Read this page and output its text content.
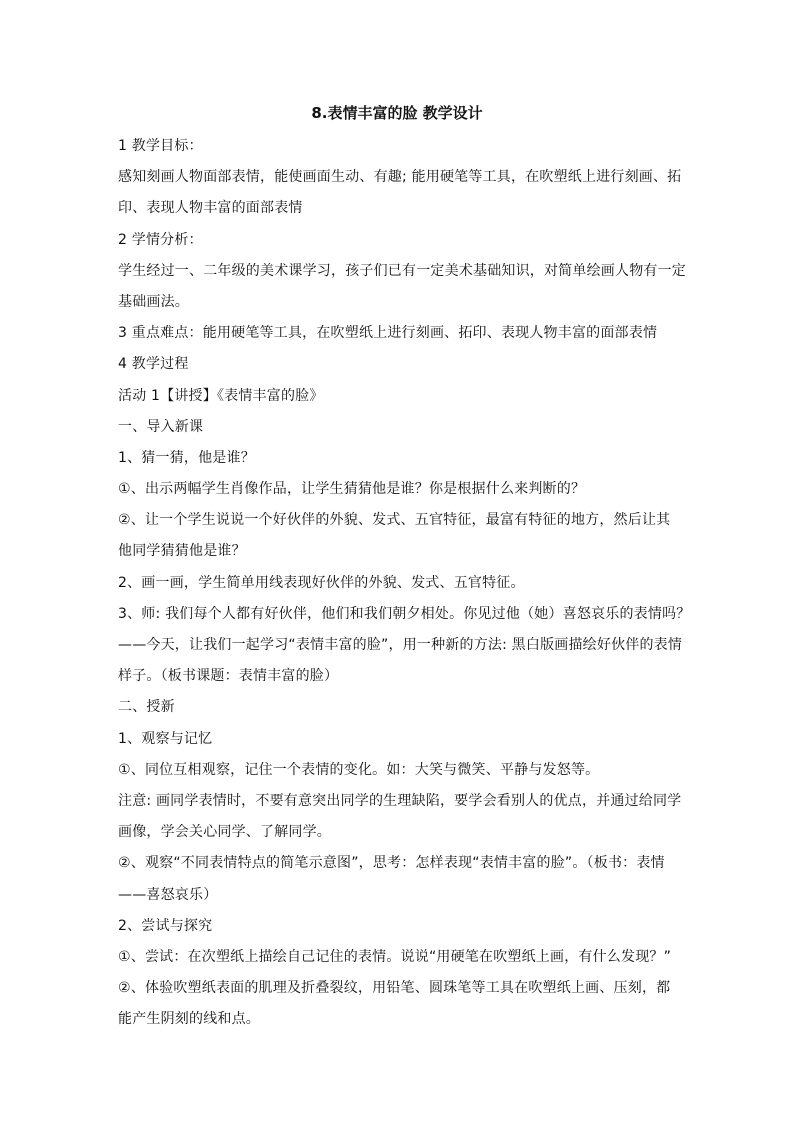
8.表情丰富的脸 教学设计
1 教学目标：
感知刻画人物面部表情，能使画面生动、有趣; 能用硬笔等工具，在吹塑纸上进行刻画、拓
印、表现人物丰富的面部表情
2 学情分析：
学生经过一、二年级的美术课学习，孩子们已有一定美术基础知识，对简单绘画人物有一定
基础画法。
3 重点难点：能用硬笔等工具，在吹塑纸上进行刻画、拓印、表现人物丰富的面部表情
4 教学过程
活动 1【讲授】《表情丰富的脸》
一、导入新课
1、猜一猜，他是谁？
①、出示两幅学生肖像作品，让学生猜猜他是谁？你是根据什么来判断的？
②、让一个学生说说一个好伙伴的外貌、发式、五官特征，最富有特征的地方，然后让其
他同学猜猜他是谁？
2、画一画，学生简单用线表现好伙伴的外貌、发式、五官特征。
3、师: 我们每个人都有好伙伴，他们和我们朝夕相处。你见过他（她）喜怒哀乐的表情吗？
——今天，让我们一起学习“表情丰富的脸”，用一种新的方法: 黑白版画描绘好伙伴的表情
样子。（板书课题：表情丰富的脸）
二、授新
1、观察与记忆
①、同位互相观察，记住一个表情的变化。如：大笑与微笑、平静与发怒等。
注意: 画同学表情时，不要有意突出同学的生理缺陷，要学会看别人的优点，并通过给同学
画像，学会关心同学、了解同学。
②、观察“不同表情特点的简笔示意图”，思考：怎样表现“表情丰富的脸”。（板书：表情
——喜怒哀乐）
2、尝试与探究
①、尝试：在次塑纸上描绘自己记住的表情。说说“用硬笔在吹塑纸上画，有什么发现？”
②、体验吹塑纸表面的肌理及折叠裂纹，用铅笔、圆珠笔等工具在吹塑纸上画、压刻，都
能产生阴刻的线和点。
